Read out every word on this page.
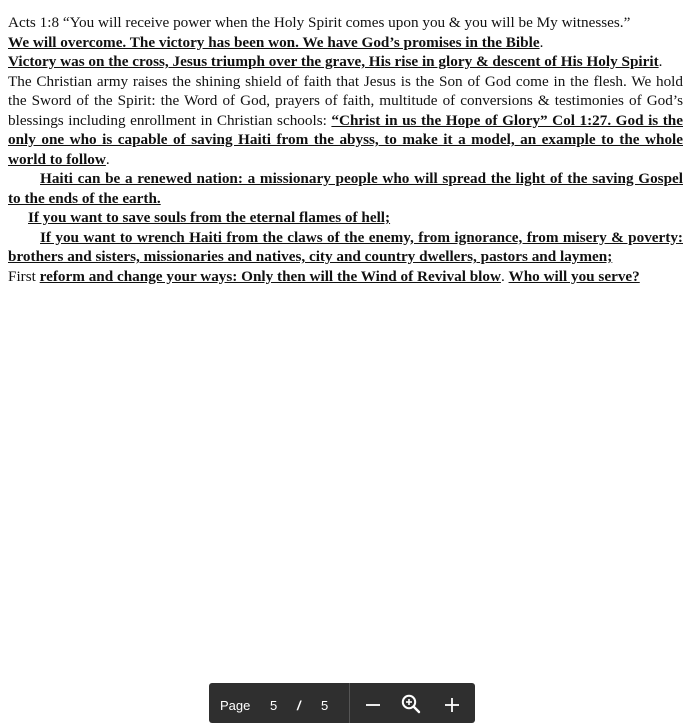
Acts 1:8 “You will receive power when the Holy Spirit comes upon you & you will be My witnesses.”

We will overcome. The victory has been won. We have God’s promises in the Bible.

Victory was on the cross, Jesus triumph over the grave, His rise in glory & descent of His Holy Spirit.

The Christian army raises the shining shield of faith that Jesus is the Son of God come in the flesh. We hold the Sword of the Spirit: the Word of God, prayers of faith, multitude of conversions & testimonies of God’s blessings including enrollment in Christian schools: “Christ in us the Hope of Glory” Col 1:27. God is the only one who is capable of saving Haiti from the abyss, to make it a model, an example to the whole world to follow.

Haiti can be a renewed nation: a missionary people who will spread the light of the saving Gospel to the ends of the earth.

If you want to save souls from the eternal flames of hell;

If you want to wrench Haiti from the claws of the enemy, from ignorance, from misery & poverty: brothers and sisters, missionaries and natives, city and country dwellers, pastors and laymen;

First reform and change your ways: Only then will the Wind of Revival blow. Who will you serve?

Page 5 / 5
